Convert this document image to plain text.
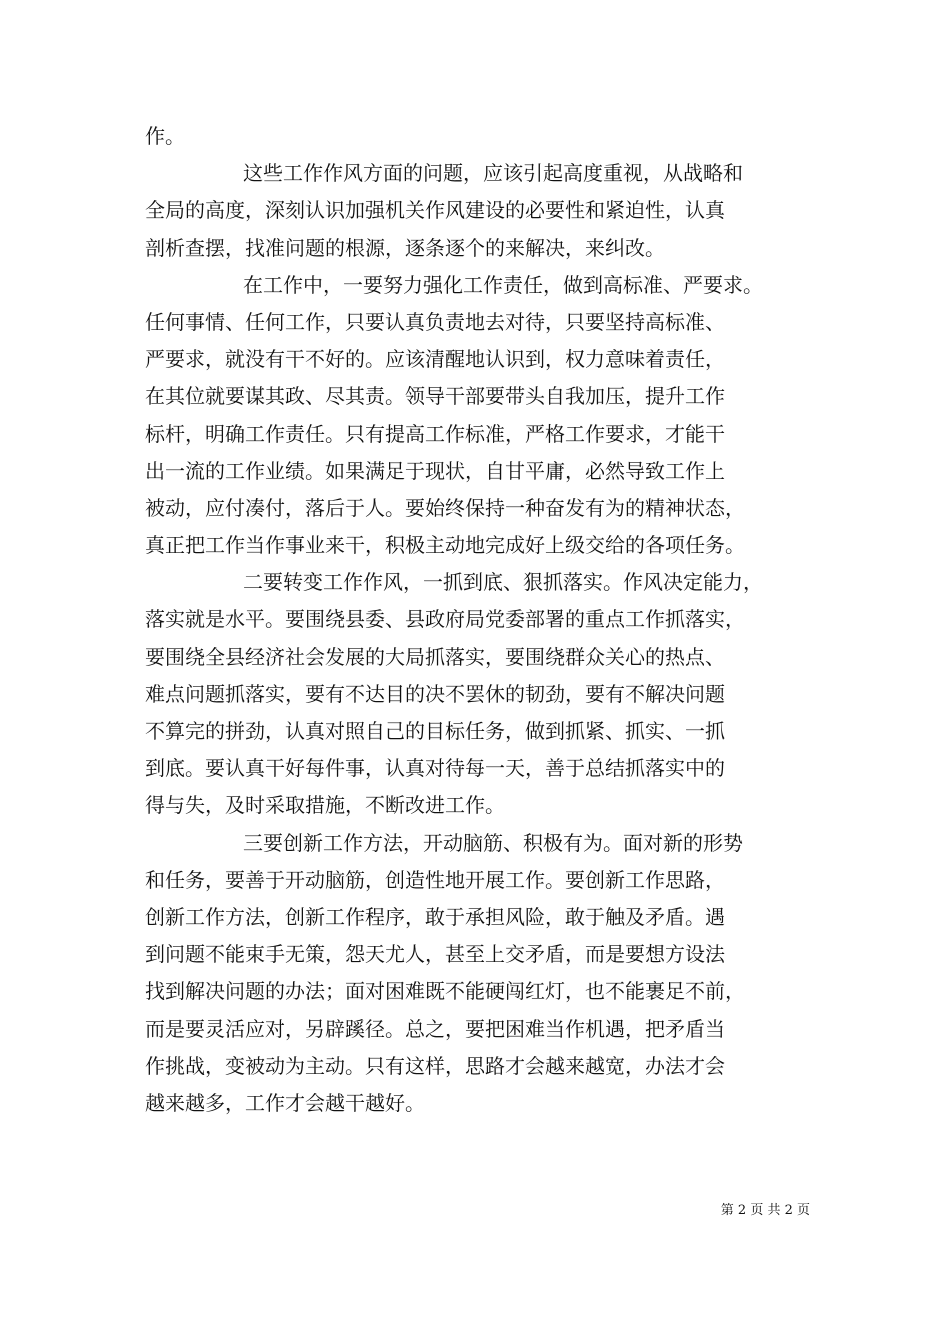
作。
这些工作作风方面的问题，应该引起高度重视，从战略和
全局的高度，深刻认识加强机关作风建设的必要性和紧迫性，认真
剖析查摆，找准问题的根源，逐条逐个的来解决，来纠改。
在工作中，一要努力强化工作责任，做到高标准、严要求。
任何事情、任何工作，只要认真负责地去对待，只要坚持高标准、
严要求，就没有干不好的。应该清醒地认识到，权力意味着责任，
在其位就要谋其政、尽其责。领导干部要带头自我加压，提升工作
标杆，明确工作责任。只有提高工作标准，严格工作要求，才能干
出一流的工作业绩。如果满足于现状，自甘平庸，必然导致工作上
被动，应付凑付，落后于人。要始终保持一种奋发有为的精神状态，
真正把工作当作事业来干，积极主动地完成好上级交给的各项任务。
二要转变工作作风，一抓到底、狠抓落实。作风决定能力，
落实就是水平。要围绕县委、县政府局党委部署的重点工作抓落实，
要围绕全县经济社会发展的大局抓落实，要围绕群众关心的热点、
难点问题抓落实，要有不达目的决不罢休的韧劲，要有不解决问题
不算完的拼劲，认真对照自己的目标任务，做到抓紧、抓实、一抓
到底。要认真干好每件事，认真对待每一天，善于总结抓落实中的
得与失，及时采取措施，不断改进工作。
三要创新工作方法，开动脑筋、积极有为。面对新的形势
和任务，要善于开动脑筋，创造性地开展工作。要创新工作思路，
创新工作方法，创新工作程序，敢于承担风险，敢于触及矛盾。遇
到问题不能束手无策，怨天尤人，甚至上交矛盾，而是要想方设法
找到解决问题的办法；面对困难既不能硬闯红灯，也不能裹足不前，
而是要灵活应对，另辟蹊径。总之，要把困难当作机遇，把矛盾当
作挑战，变被动为主动。只有这样，思路才会越来越宽，办法才会
越来越多，工作才会越干越好。
第 2 页 共 2 页
